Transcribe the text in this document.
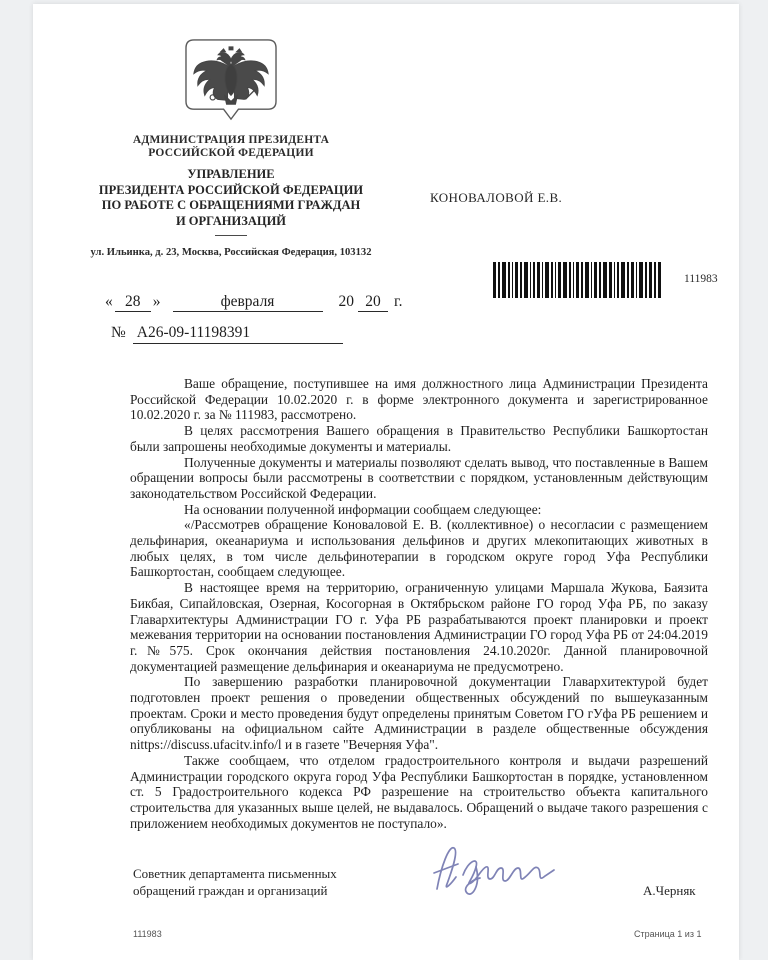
АДМИНИСТРАЦИЯ ПРЕЗИДЕНТА
РОССИЙСКОЙ ФЕДЕРАЦИИ
УПРАВЛЕНИЕ
ПРЕЗИДЕНТА РОССИЙСКОЙ ФЕДЕРАЦИИ
ПО РАБОТЕ С ОБРАЩЕНИЯМИ ГРАЖДАН
И ОРГАНИЗАЦИЙ
ул. Ильинка, д. 23, Москва, Российская Федерация, 103132
КОНОВАЛОВОЙ Е.В.
111983
« 28 »	февраля	20 20 г.
№ А26-09-11198391

Ваше обращение, поступившее на имя должностного лица Администрации Президента Российской Федерации 10.02.2020 г. в форме электронного документа и зарегистрированное 10.02.2020 г. за № 111983, рассмотрено.

В целях рассмотрения Вашего обращения в Правительство Республики Башкортостан были запрошены необходимые документы и материалы.

Полученные документы и материалы позволяют сделать вывод, что поставленные в Вашем обращении вопросы были рассмотрены в соответствии с порядком, установленным действующим законодательством Российской Федерации.

На основании полученной информации сообщаем следующее:

«/Рассмотрев обращение Коноваловой Е. В. (коллективное) о несогласии с размещением дельфинария, океанариума и использования дельфинов и других млекопитающих животных в любых целях, в том числе дельфинотерапии в городском округе город Уфа Республики Башкортостан, сообщаем следующее.

В настоящее время на территорию, ограниченную улицами Маршала Жукова, Баязита Бикбая, Сипайловская, Озерная, Косогорная в Октябрьском районе ГО город Уфа РБ, по заказу Главархитектуры Администрации ГО г. Уфа РБ разрабатываются проект планировки и проект межевания территории на основании постановления Администрации ГО город Уфа РБ от 24:04.2019 г.№575. Срок окончания действия постановления 24.10.2020г. Данной планировочной документацией размещение дельфинария и океанариума не предусмотрено.

По завершению разработки планировочной документации Главархитектурой будет подготовлен проект решения о проведении общественных обсуждений по вышеуказанным проектам. Сроки и место проведения будут определены принятым Советом ГО гУфа РБ решением и опубликованы на официальном сайте Администрации в разделе общественные обсуждения nittps://discuss.ufacitv.info/l и в газете "Вечерняя Уфа".

Также сообщаем, что отделом градостроительного контроля и выдачи разрешений Администрации городского округа город Уфа Республики Башкортостан в порядке, установленном ст. 5 Градостроительного кодекса РФ разрешение на строительство объекта капитального строительства для указанных выше целей, не выдавалось. Обращений о выдаче такого разрешения с приложением необходимых документов не поступало».

Советник департамента письменных
обращений граждан и организаций	А.Черняк
111983	Страница 1 из 1
